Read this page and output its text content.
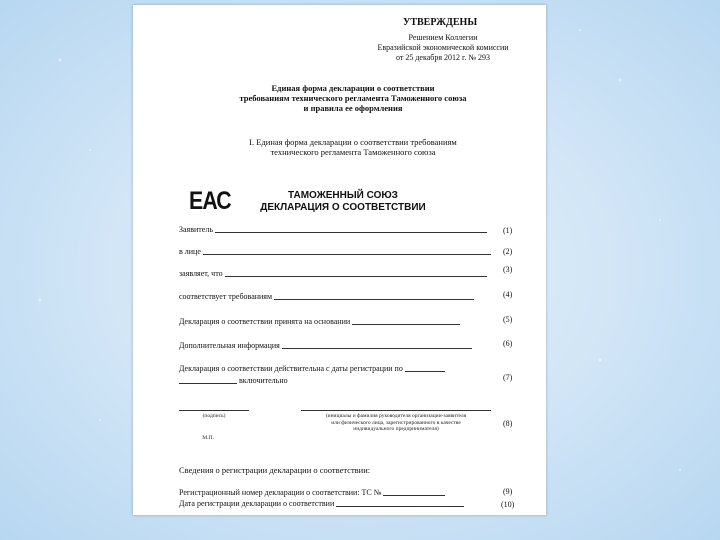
УТВЕРЖДЕНЫ
Решением Коллегии
Евразийской экономической комиссии
от 25 декабря 2012 г. № 293
Единая форма декларации о соответствии
требованиям технического регламента Таможенного союза
и правила ее оформления
I. Единая форма декларации о соответствии требованиям
технического регламента Таможенного союза
ЕАС	ТАМОЖЕННЫЙ СОЮЗ
ДЕКЛАРАЦИЯ О СООТВЕТСТВИИ
Заявитель	(1)
в лице	(2)
заявляет, что	(3)
соответствует требованиям	(4)
Декларация о соответствии принята на основании	(5)
Дополнительная информация	(6)
Декларация о соответствии действительна с даты регистрации по
включительно	(7)
(подпись)	(инициалы и фамилия руководителя организации-заявителя
или физического лица, зарегистрированного в качестве
индивидуального предпринимателя)
(8)
М.П.
Сведения о регистрации декларации о соответствии:
Регистрационный номер декларации о соответствии: ТС №	(9)
Дата регистрации декларации о соответствии	(10)
